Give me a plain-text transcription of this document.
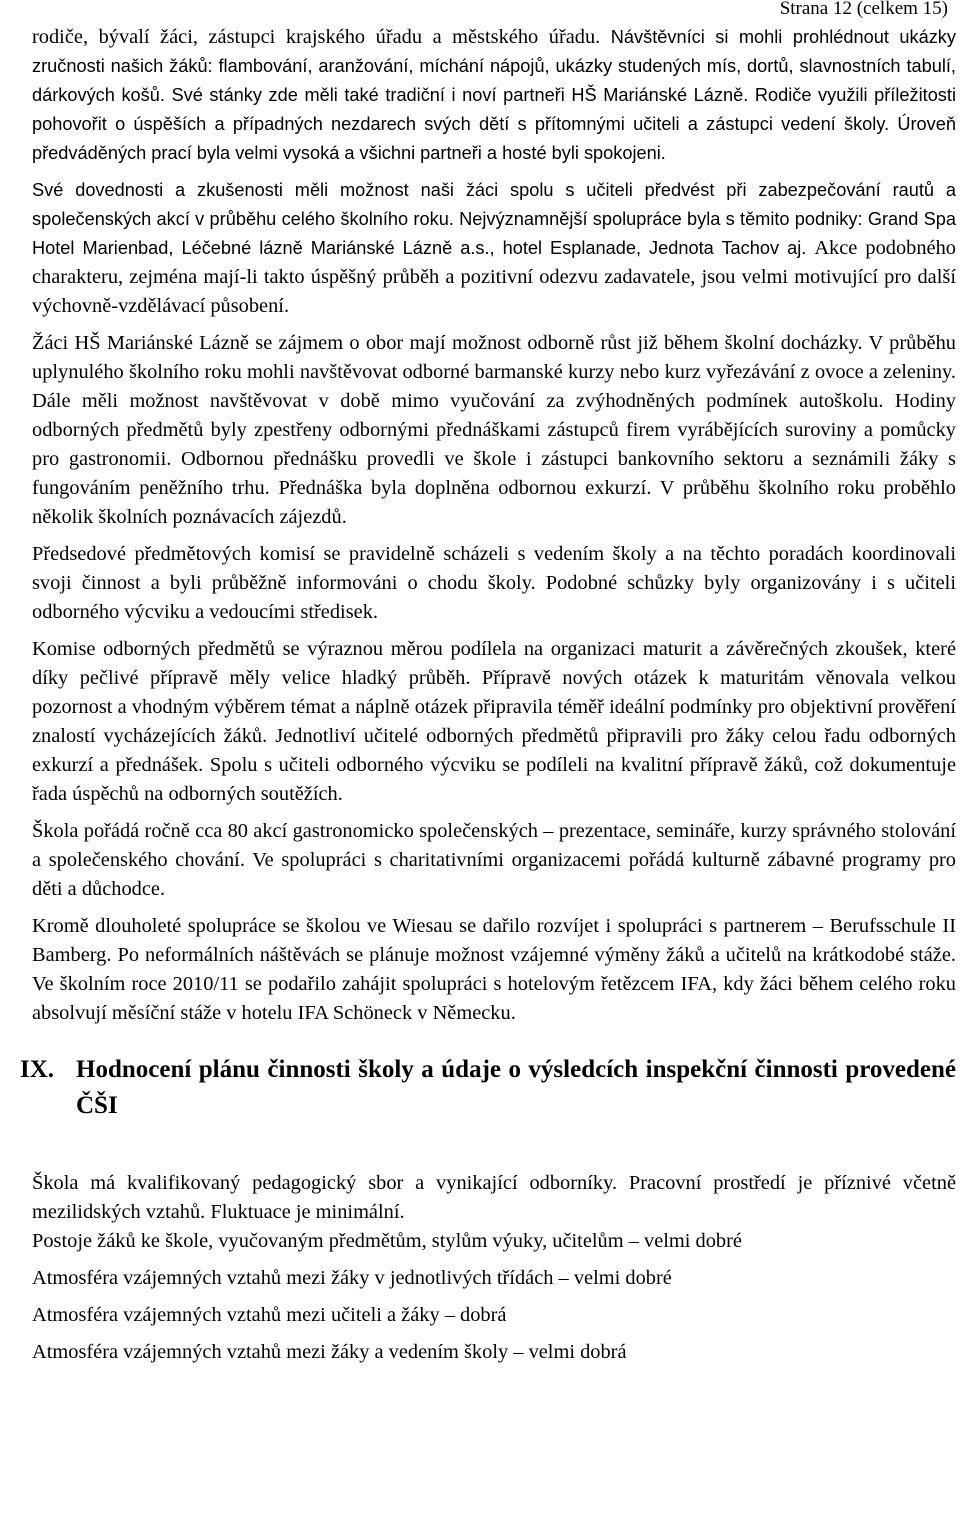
Strana 12 (celkem 15)

rodiče, bývalí žáci, zástupci krajského úřadu a městského úřadu. Návštěvníci si mohli prohlédnout ukázky zručnosti našich žáků: flambování, aranžování, míchání nápojů, ukázky studených mís, dortů, slavnostních tabulí, dárkových košů. Své stánky zde měli také tradiční i noví partneři HŠ Mariánské Lázně. Rodiče využili příležitosti pohovořit o úspěších a případných nezdarech svých dětí s přítomnými učiteli a zástupci vedení školy. Úroveň předváděných prací byla velmi vysoká a všichni partneři a hosté byli spokojeni.

Své dovednosti a zkušenosti měli možnost naši žáci spolu s učiteli předvést při zabezpečování rautů a společenských akcí v průběhu celého školního roku. Nejvýznamnější spolupráce byla s těmito podniky: Grand Spa Hotel Marienbad, Léčebné lázně Mariánské Lázně a.s., hotel Esplanade, Jednota Tachov aj. Akce podobného charakteru, zejména mají-li takto úspěšný průběh a pozitivní odezvu zadavatele, jsou velmi motivující pro další výchovně-vzdělávací působení.

Žáci HŠ Mariánské Lázně se zájmem o obor mají možnost odborně růst již během školní docházky. V průběhu uplynulého školního roku mohli navštěvovat odborné barmanské kurzy nebo kurz vyřezávání z ovoce a zeleniny. Dále měli možnost navštěvovat v době mimo vyučování za zvýhodněných podmínek autoškolu. Hodiny odborných předmětů byly zpestřeny odbornými přednáškami zástupců firem vyrábějících suroviny a pomůcky pro gastronomii. Odbornou přednášku provedli ve škole i zástupci bankovního sektoru a seznámili žáky s fungováním peněžního trhu. Přednáška byla doplněna odbornou exkurzí. V průběhu školního roku proběhlo několik školních poznávacích zájezdů.

Předsedové předmětových komisí se pravidelně scházeli s vedením školy a na těchto poradách koordinovali svoji činnost a byli průběžně informováni o chodu školy. Podobné schůzky byly organizovány i s učiteli odborného výcviku a vedoucími středisek.

Komise odborných předmětů se výraznou měrou podílela na organizaci maturit a závěrečných zkoušek, které díky pečlivé přípravě měly velice hladký průběh. Přípravě nových otázek k maturitám věnovala velkou pozornost a vhodným výběrem témat a náplně otázek připravila téměř ideální podmínky pro objektivní prověření znalostí vycházejících žáků. Jednotliví učitelé odborných předmětů připravili pro žáky celou řadu odborných exkurzí a přednášek. Spolu s učiteli odborného výcviku se podíleli na kvalitní přípravě žáků, což dokumentuje řada úspěchů na odborných soutěžích.

Škola pořádá ročně cca 80 akcí gastronomicko společenských – prezentace, semináře, kurzy správného stolování a společenského chování. Ve spolupráci s charitativními organizacemi pořádá kulturně zábavné programy pro děti a důchodce.

Kromě dlouholeté spolupráce se školou ve Wiesau se dařilo rozvíjet i spolupráci s partnerem – Berufsschule II Bamberg. Po neformálních náštěvách se plánuje možnost vzájemné výměny žáků a učitelů na krátkodobé stáže. Ve školním roce 2010/11 se podařilo zahájit spolupráci s hotelovým řetězcem IFA, kdy žáci během celého roku absolvují měsíční stáže v hotelu IFA Schöneck v Německu.

IX. Hodnocení plánu činnosti školy a údaje o výsledcích inspekční činnosti provedené ČŠI

Škola má kvalifikovaný pedagogický sbor a vynikající odborníky. Pracovní prostředí je příznivé včetně mezilidských vztahů. Fluktuace je minimální.

Postoje žáků ke škole, vyučovaným předmětům, stylům výuky, učitelům – velmi dobré

Atmosféra vzájemných vztahů mezi žáky v jednotlivých třídách – velmi dobré

Atmosféra vzájemných vztahů mezi učiteli a žáky – dobrá

Atmosféra vzájemných vztahů mezi žáky a vedením školy – velmi dobrá
